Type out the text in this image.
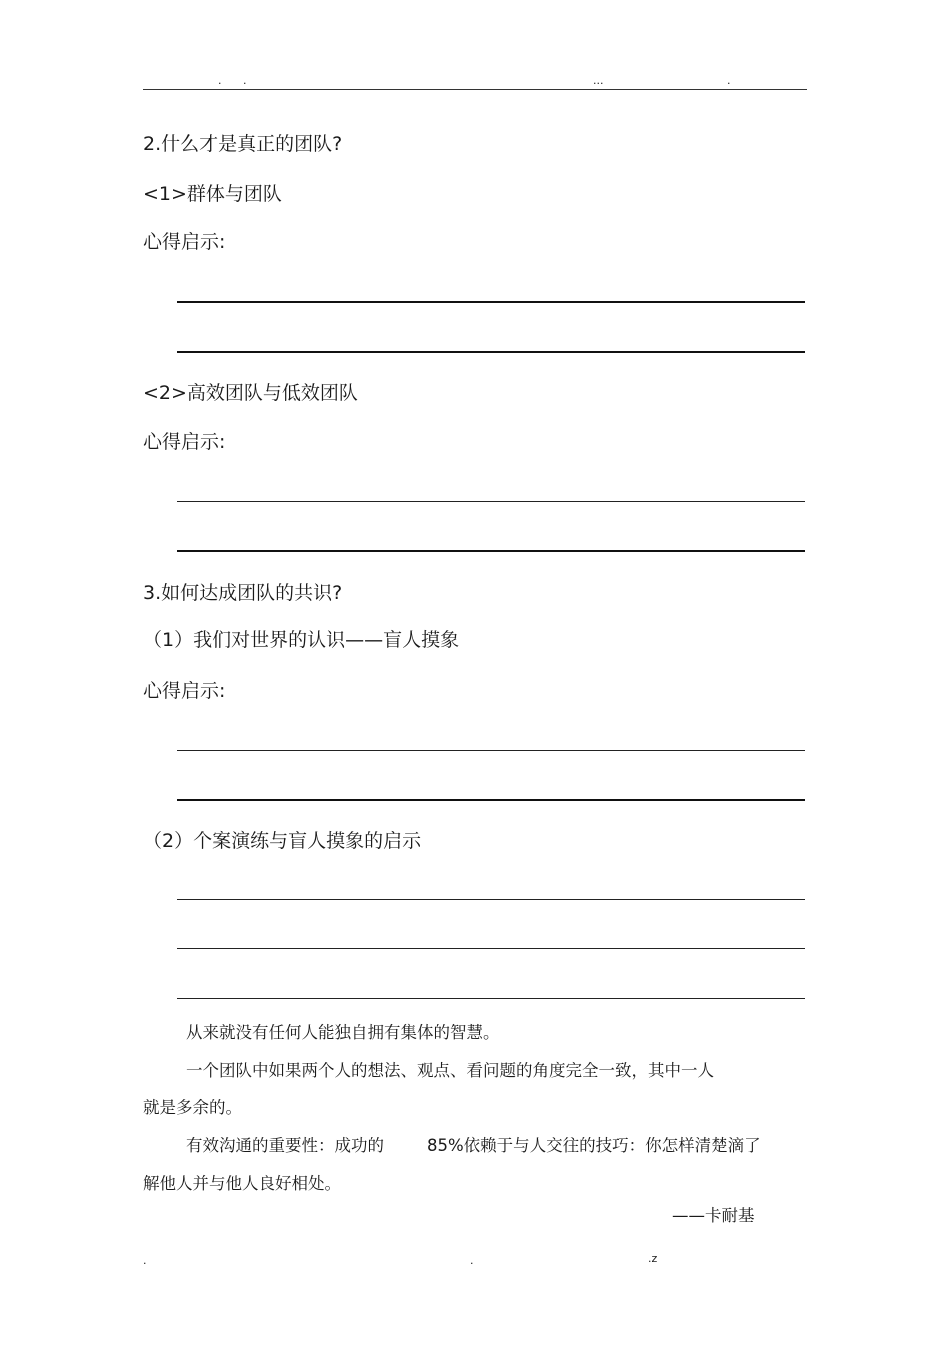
. .	...	.
2.什么才是真正的团队?
<1>群体与团队
心得启示:
<2>高效团队与低效团队
心得启示:
3.如何达成团队的共识?
（1）我们对世界的认识——盲人摸象
心得启示:
（2）个案演练与盲人摸象的启示
从来就没有任何人能独自拥有集体的智慧。
一个团队中如果两个人的想法、观点、看问题的角度完全一致，其中一人
就是多余的。
有效沟通的重要性：成功的	85%依赖于与人交往的技巧：你怎样清楚滴了
解他人并与他人良好相处。
——卡耐基
.	.	.z
